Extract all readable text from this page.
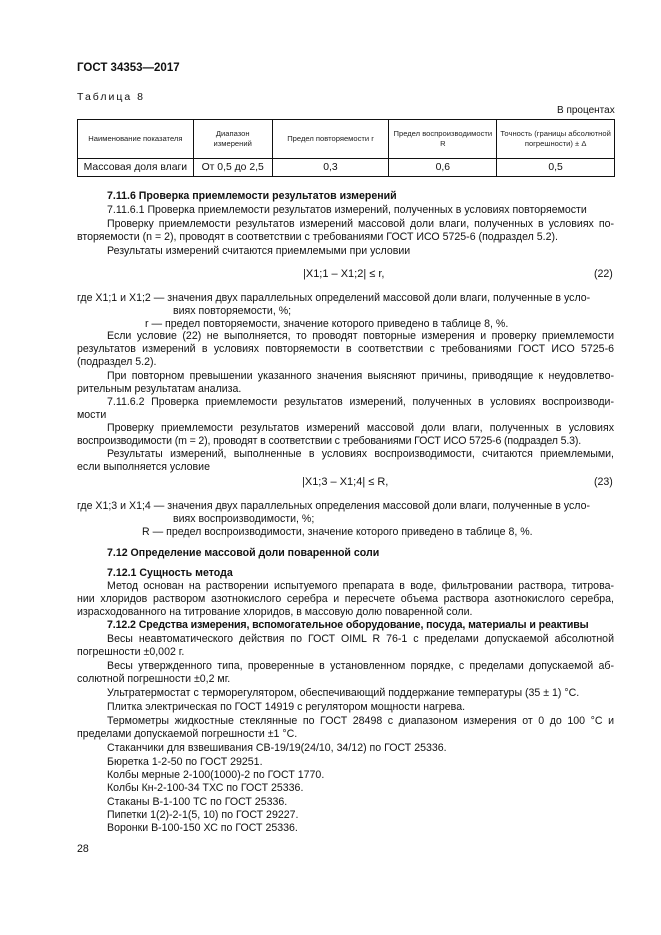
ГОСТ 34353—2017
Таблица 8
В процентах
Наименование показателя	Диапазон измерений	Предел повторяемости r	Предел воспроизводимости R	Точность (границы абсолютной погрешности) ± Δ
Массовая доля влаги	От 0,5 до 2,5	0,3	0,6	0,5
7.11.6 Проверка приемлемости результатов измерений
7.11.6.1 Проверка приемлемости результатов измерений, полученных в условиях повторяемости
Проверку приемлемости результатов измерений массовой доли влаги, полученных в условиях по-
вторяемости (n = 2), проводят в соответствии с требованиями ГОСТ ИСО 5725-6 (подраздел 5.2).
Результаты измерений считаются приемлемыми при условии
|X1;1 – X1;2| ≤ r,	(22)
где X1;1 и X1;2 — значения двух параллельных определений массовой доли влаги, полученные в усло-
виях повторяемости, %;
r — предел повторяемости, значение которого приведено в таблице 8, %.
Если условие (22) не выполняется, то проводят повторные измерения и проверку приемлемости
результатов измерений в условиях повторяемости в соответствии с требованиями ГОСТ ИСО 5725-6
(подраздел 5.2).
При повторном превышении указанного значения выясняют причины, приводящие к неудовлетво-
рительным результатам анализа.
7.11.6.2 Проверка приемлемости результатов измерений, полученных в условиях воспроизводи-
мости
Проверку приемлемости результатов измерений массовой доли влаги, полученных в условиях
воспроизводимости (m = 2), проводят в соответствии с требованиями ГОСТ ИСО 5725-6 (подраздел 5.3).
Результаты измерений, выполненные в условиях воспроизводимости, считаются приемлемыми,
если выполняется условие
|X1;3 – X1;4| ≤ R,	(23)
где X1;3 и X1;4 — значения двух параллельных определения массовой доли влаги, полученные в усло-
виях воспроизводимости, %;
R — предел воспроизводимости, значение которого приведено в таблице 8, %.
7.12 Определение массовой доли поваренной соли
7.12.1 Сущность метода
Метод основан на растворении испытуемого препарата в воде, фильтровании раствора, титрова-
нии хлоридов раствором азотнокислого серебра и пересчете объема раствора азотнокислого серебра,
израсходованного на титрование хлоридов, в массовую долю поваренной соли.
7.12.2 Средства измерения, вспомогательное оборудование, посуда, материалы и реактивы
Весы неавтоматического действия по ГОСТ OIML R 76-1 с пределами допускаемой абсолютной
погрешности ±0,002 г.
Весы утвержденного типа, проверенные в установленном порядке, с пределами допускаемой аб-
солютной погрешности ±0,2 мг.
Ультратермостат с терморегулятором, обеспечивающий поддержание температуры (35 ± 1) °С.
Плитка электрическая по ГОСТ 14919 с регулятором мощности нагрева.
Термометры жидкостные стеклянные по ГОСТ 28498 с диапазоном измерения от 0 до 100 °С и
пределами допускаемой погрешности ±1 °С.
Стаканчики для взвешивания СВ-19/19(24/10, 34/12) по ГОСТ 25336.
Бюретка 1-2-50 по ГОСТ 29251.
Колбы мерные 2-100(1000)-2 по ГОСТ 1770.
Колбы Кн-2-100-34 ТХС по ГОСТ 25336.
Стаканы В-1-100 ТС по ГОСТ 25336.
Пипетки 1(2)-2-1(5, 10) по ГОСТ 29227.
Воронки В-100-150 ХС по ГОСТ 25336.
28
